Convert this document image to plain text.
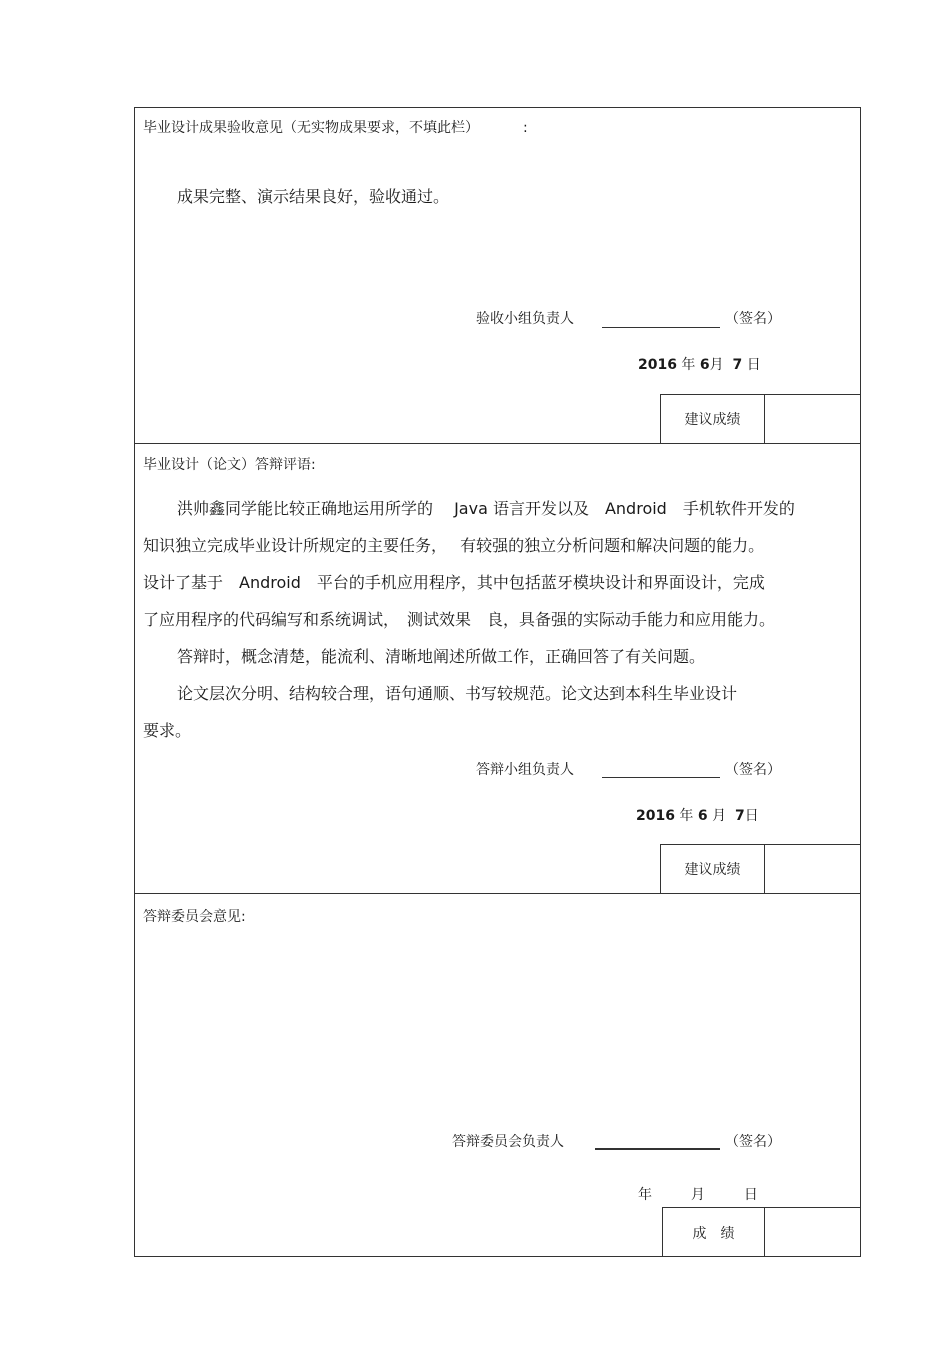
毕业设计成果验收意见（无实物成果要求，不填此栏）	:
成果完整、演示结果良好，验收通过。
验收小组负责人	（签名）
2016 年 6月 7 日
建议成绩
毕业设计（论文）答辩评语:
洪帅鑫同学能比较正确地运用所学的　 Java 语言开发以及　Android　手机软件开发的
知识独立完成毕业设计所规定的主要任务，　 有较强的独立分析问题和解决问题的能力。
设计了基于　Android　平台的手机应用程序，其中包括蓝牙模块设计和界面设计，完成
了应用程序的代码编写和系统调试，　测试效果　良，具备强的实际动手能力和应用能力。
答辩时，概念清楚，能流利、清晰地阐述所做工作，正确回答了有关问题。
论文层次分明、结构较合理，语句通顺、书写较规范。论文达到本科生毕业设计
要求。
答辩小组负责人	（签名）
2016 年 6 月 7日
建议成绩
答辩委员会意见:
答辩委员会负责人	（签名）
年	月	日
成　绩
